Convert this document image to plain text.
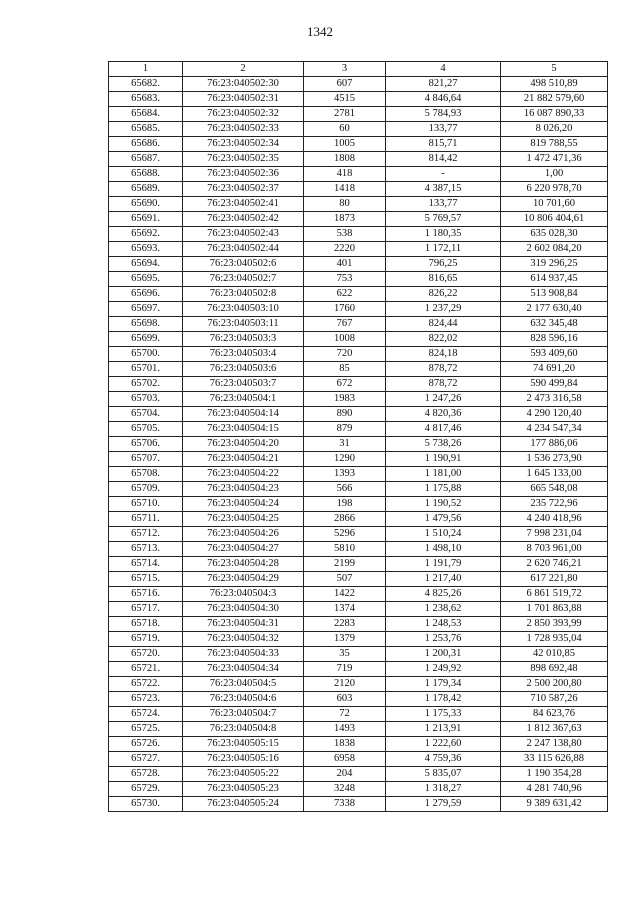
1342
1	2	3	4	5
65682.	76:23:040502:30	607	821,27	498 510,89
65683.	76:23:040502:31	4515	4 846,64	21 882 579,60
65684.	76:23:040502:32	2781	5 784,93	16 087 890,33
65685.	76:23:040502:33	60	133,77	8 026,20
65686.	76:23:040502:34	1005	815,71	819 788,55
65687.	76:23:040502:35	1808	814,42	1 472 471,36
65688.	76:23:040502:36	418	-	1,00
65689.	76:23:040502:37	1418	4 387,15	6 220 978,70
65690.	76:23:040502:41	80	133,77	10 701,60
65691.	76:23:040502:42	1873	5 769,57	10 806 404,61
65692.	76:23:040502:43	538	1 180,35	635 028,30
65693.	76:23:040502:44	2220	1 172,11	2 602 084,20
65694.	76:23:040502:6	401	796,25	319 296,25
65695.	76:23:040502:7	753	816,65	614 937,45
65696.	76:23:040502:8	622	826,22	513 908,84
65697.	76:23:040503:10	1760	1 237,29	2 177 630,40
65698.	76:23:040503:11	767	824,44	632 345,48
65699.	76:23:040503:3	1008	822,02	828 596,16
65700.	76:23:040503:4	720	824,18	593 409,60
65701.	76:23:040503:6	85	878,72	74 691,20
65702.	76:23:040503:7	672	878,72	590 499,84
65703.	76:23:040504:1	1983	1 247,26	2 473 316,58
65704.	76:23:040504:14	890	4 820,36	4 290 120,40
65705.	76:23:040504:15	879	4 817,46	4 234 547,34
65706.	76:23:040504:20	31	5 738,26	177 886,06
65707.	76:23:040504:21	1290	1 190,91	1 536 273,90
65708.	76:23:040504:22	1393	1 181,00	1 645 133,00
65709.	76:23:040504:23	566	1 175,88	665 548,08
65710.	76:23:040504:24	198	1 190,52	235 722,96
65711.	76:23:040504:25	2866	1 479,56	4 240 418,96
65712.	76:23:040504:26	5296	1 510,24	7 998 231,04
65713.	76:23:040504:27	5810	1 498,10	8 703 961,00
65714.	76:23:040504:28	2199	1 191,79	2 620 746,21
65715.	76:23:040504:29	507	1 217,40	617 221,80
65716.	76:23:040504:3	1422	4 825,26	6 861 519,72
65717.	76:23:040504:30	1374	1 238,62	1 701 863,88
65718.	76:23:040504:31	2283	1 248,53	2 850 393,99
65719.	76:23:040504:32	1379	1 253,76	1 728 935,04
65720.	76:23:040504:33	35	1 200,31	42 010,85
65721.	76:23:040504:34	719	1 249,92	898 692,48
65722.	76:23:040504:5	2120	1 179,34	2 500 200,80
65723.	76:23:040504:6	603	1 178,42	710 587,26
65724.	76:23:040504:7	72	1 175,33	84 623,76
65725.	76:23:040504:8	1493	1 213,91	1 812 367,63
65726.	76:23:040505:15	1838	1 222,60	2 247 138,80
65727.	76:23:040505:16	6958	4 759,36	33 115 626,88
65728.	76:23:040505:22	204	5 835,07	1 190 354,28
65729.	76:23:040505:23	3248	1 318,27	4 281 740,96
65730.	76:23:040505:24	7338	1 279,59	9 389 631,42
